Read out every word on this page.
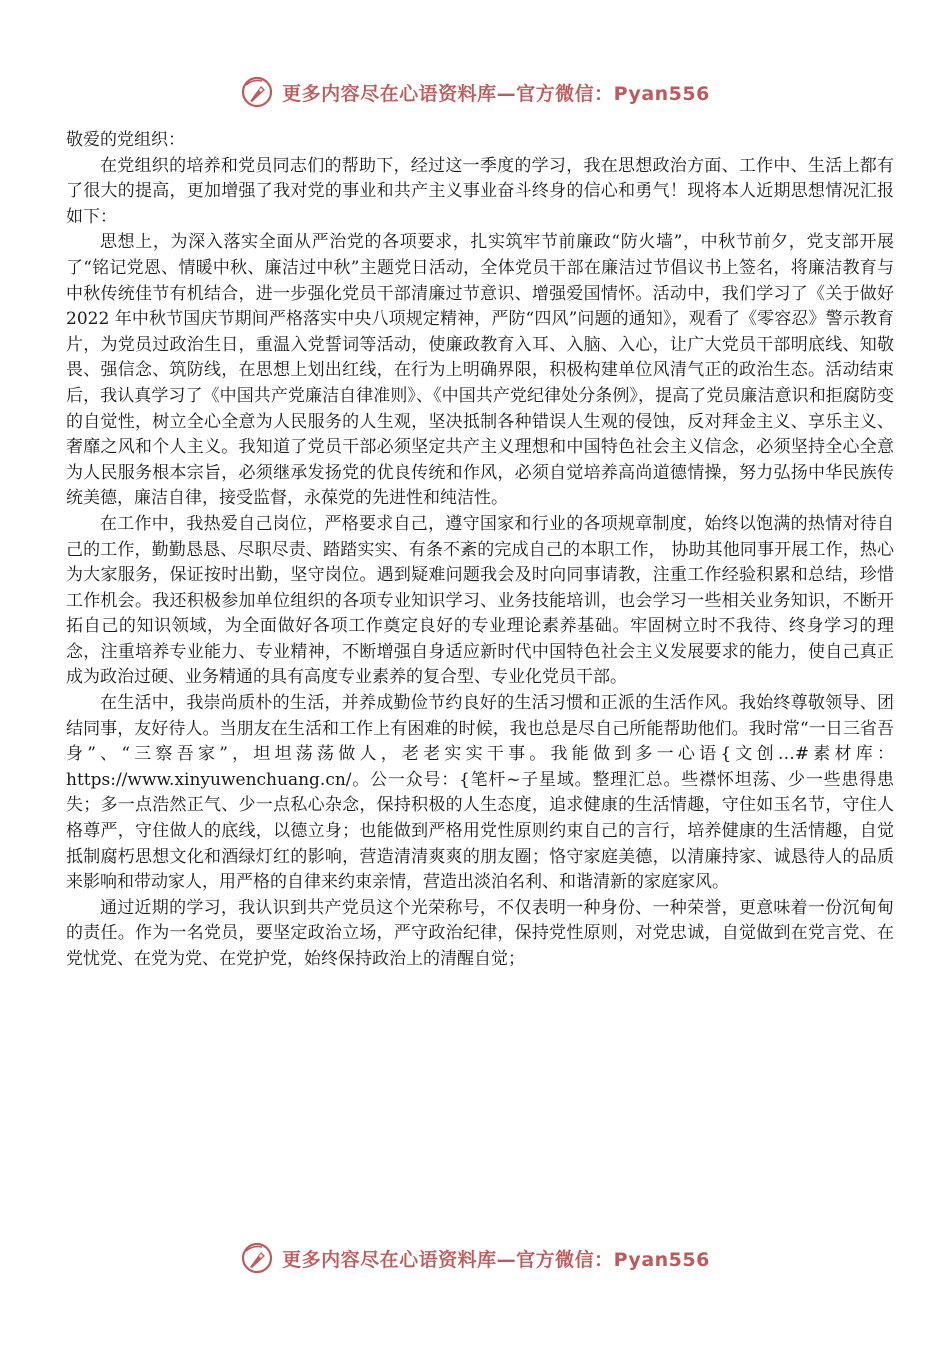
更多内容尽在心语资料库—官方微信：Pyan556

敬爱的党组织：

在党组织的培养和党员同志们的帮助下，经过这一季度的学习，我在思想政治方面、工作中、生活上都有了很大的提高，更加增强了我对党的事业和共产主义事业奋斗终身的信心和勇气！现将本人近期思想情况汇报如下：

思想上，为深入落实全面从严治党的各项要求，扎实筑牢节前廉政“防火墙”，中秋节前夕，党支部开展了“铭记党恩、情暖中秋、廉洁过中秋”主题党日活动，全体党员干部在廉洁过节倡议书上签名，将廉洁教育与中秋传统佳节有机结合，进一步强化党员干部清廉过节意识、增强爱国情怀。活动中，我们学习了《关于做好 2022 年中秋节国庆节期间严格落实中央八项规定精神，严防“四风”问题的通知》，观看了《零容忍》警示教育片，为党员过政治生日，重温入党誓词等活动，使廉政教育入耳、入脑、入心，让广大党员干部明底线、知敬畏、强信念、筑防线，在思想上划出红线，在行为上明确界限，积极构建单位风清气正的政治生态。活动结束后，我认真学习了《中国共产党廉洁自律准则》、《中国共产党纪律处分条例》，提高了党员廉洁意识和拒腐防变的自觉性，树立全心全意为人民服务的人生观，坚决抵制各种错误人生观的侵蚀，反对拜金主义、享乐主义、奢靡之风和个人主义。我知道了党员干部必须坚定共产主义理想和中国特色社会主义信念，必须坚持全心全意为人民服务根本宗旨，必须继承发扬党的优良传统和作风，必须自觉培养高尚道德情操，努力弘扬中华民族传统美德，廉洁自律，接受监督，永葆党的先进性和纯洁性。

在工作中，我热爱自己岗位，严格要求自己，遵守国家和行业的各项规章制度，始终以饱满的热情对待自己的工作，勤勤恳恳、尽职尽责、踏踏实实、有条不紊的完成自己的本职工作， 协助其他同事开展工作，热心为大家服务，保证按时出勤，坚守岗位。遇到疑难问题我会及时向同事请教，注重工作经验积累和总结，珍惜工作机会。我还积极参加单位组织的各项专业知识学习、业务技能培训，也会学习一些相关业务知识，不断开拓自己的知识领域，为全面做好各项工作奠定良好的专业理论素养基础。牢固树立时不我待、终身学习的理念，注重培养专业能力、专业精神，不断增强自身适应新时代中国特色社会主义发展要求的能力，使自己真正成为政治过硬、业务精通的具有高度专业素养的复合型、专业化党员干部。

在生活中，我崇尚质朴的生活，并养成勤俭节约良好的生活习惯和正派的生活作风。我始终尊敬领导、团结同事，友好待人。当朋友在生活和工作上有困难的时候，我也总是尽自己所能帮助他们。我时常“一日三省吾身”、“三察吾家”，坦坦荡荡做人，老老实实干事。我能做到多一心语{文创…#素材库：https://www.xinyuwenchuang.cn/。公一众号：{笔杆~子星域。整理汇总。些襟怀坦荡、少一些患得患失；多一点浩然正气、少一点私心杂念，保持积极的人生态度，追求健康的生活情趣，守住如玉名节，守住人格尊严，守住做人的底线，以德立身；也能做到严格用党性原则约束自己的言行，培养健康的生活情趣，自觉抵制腐朽思想文化和酒绿灯红的影响，营造清清爽爽的朋友圈；恪守家庭美德，以清廉持家、诚恳待人的品质来影响和带动家人，用严格的自律来约束亲情，营造出淡泊名利、和谐清新的家庭家风。

通过近期的学习，我认识到共产党员这个光荣称号，不仅表明一种身份、一种荣誉，更意味着一份沉甸甸的责任。作为一名党员，要坚定政治立场，严守政治纪律，保持党性原则，对党忠诚，自觉做到在党言党、在党忧党、在党为党、在党护党，始终保持政治上的清醒自觉；

更多内容尽在心语资料库—官方微信：Pyan556
